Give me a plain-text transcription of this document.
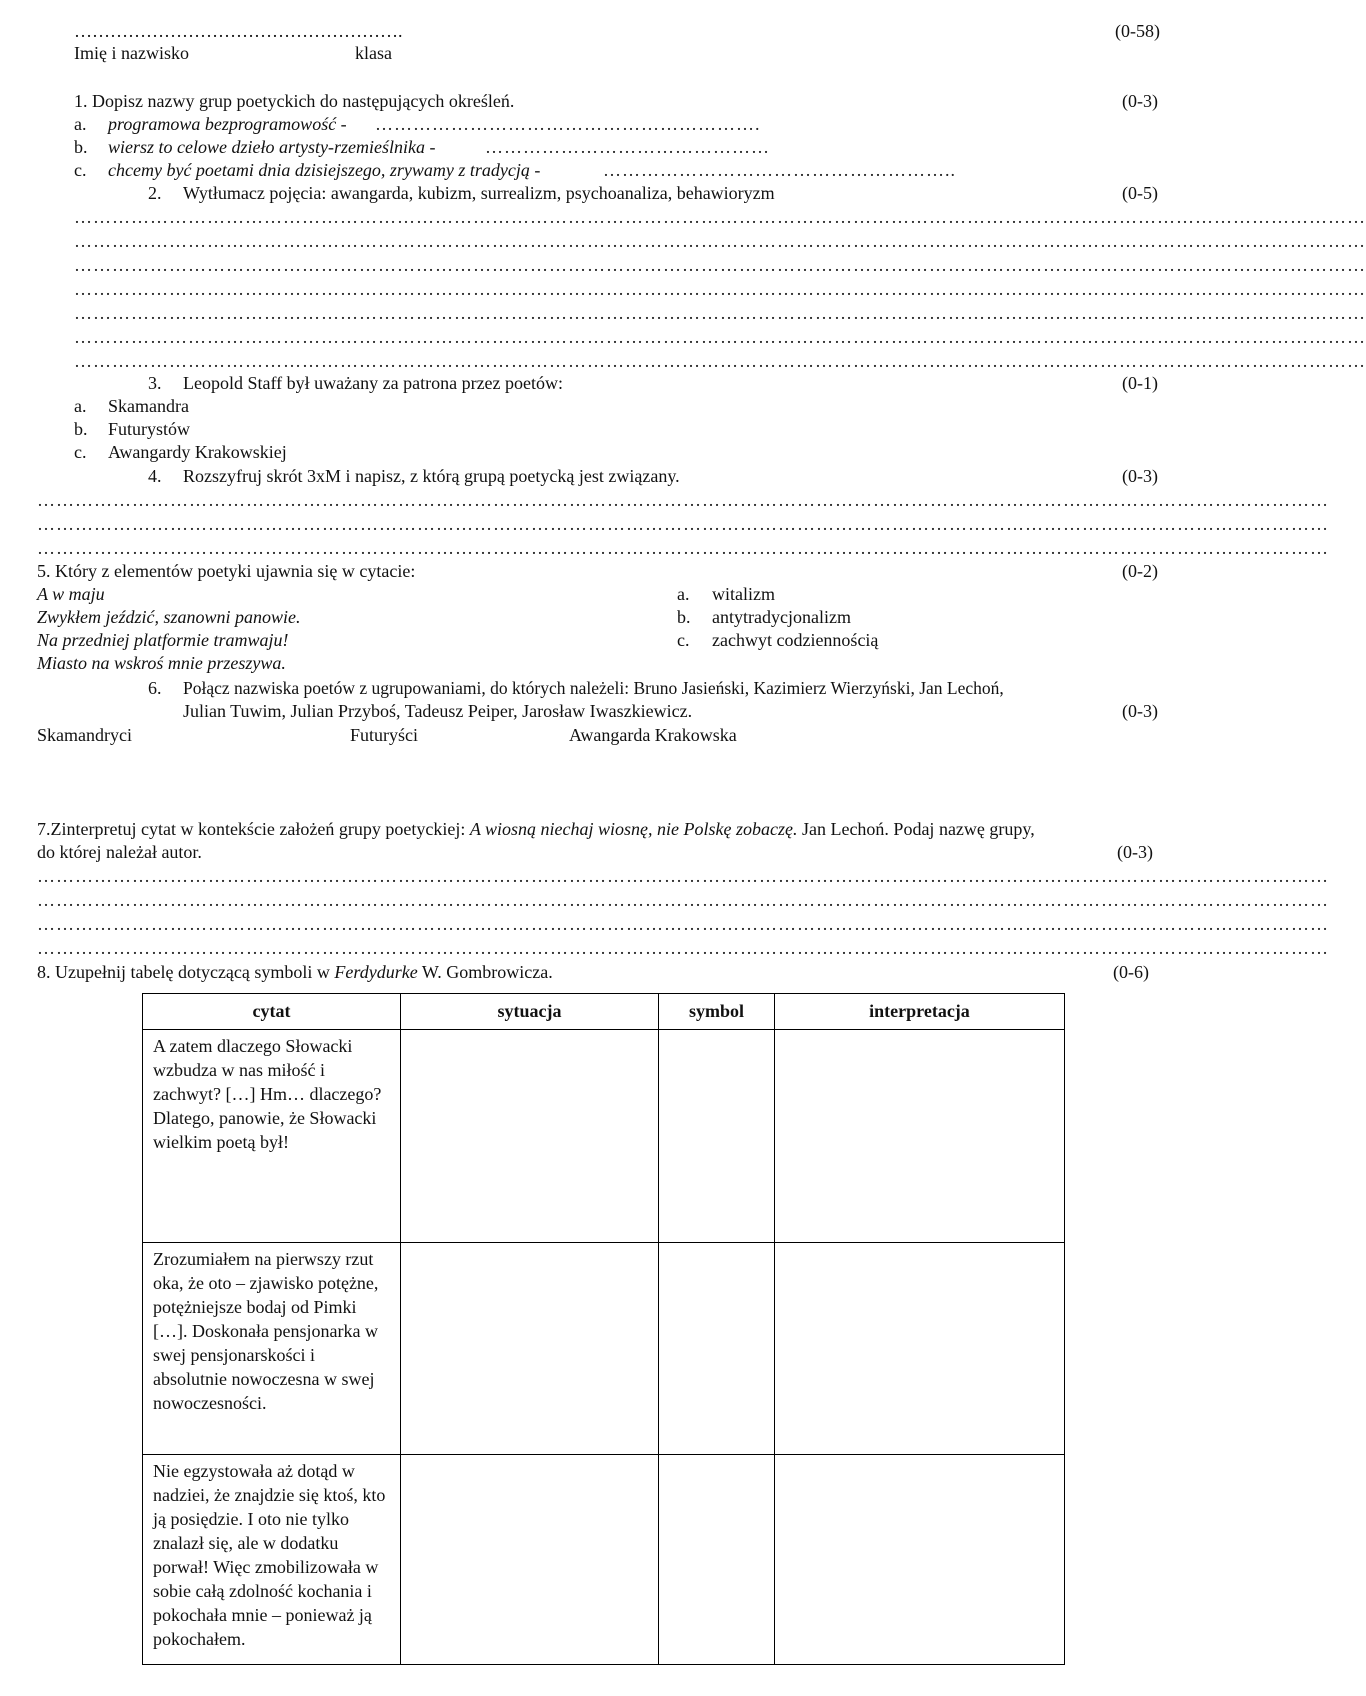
……………………………………………….	(0-58)
Imię i nazwisko	klasa
1. Dopisz nazwy grup poetyckich do następujących określeń.	(0-3)
a. programowa bezprogramowość - …………………………………………………….
b. wiersz to celowe dzieło artysty-rzemieślnika -	………………………………………
c. chcemy być poetami dnia dzisiejszego, zrywamy z tradycją -	………………………………………………..
2. Wytłumacz pojęcia: awangarda, kubizm, surrealizm, psychoanaliza, behawioryzm	(0-5)
……………………………………………………………………………………………………………………………………………………………………………………
……………………………………………………………………………………………………………………………………………………………………………………
……………………………………………………………………………………………………………………………………………………………………………………
……………………………………………………………………………………………………………………………………………………………………………………
……………………………………………………………………………………………………………………………………………………………………………………
……………………………………………………………………………………………………………………………………………………………………………………
……………………………………………………………………………………………………………………………………………………………………………………
3. Leopold Staff był uważany za patrona przez poetów:	(0-1)
a. Skamandra
b. Futurystów
c. Awangardy Krakowskiej
4. Rozszyfruj skrót 3xM i napisz, z którą grupą poetycką jest związany.	(0-3)
……………………………………………………………………………………………………………………………………………………………………………………
……………………………………………………………………………………………………………………………………………………………………………………
……………………………………………………………………………………………………………………………………………………………………………………
5. Który z elementów poetyki ujawnia się w cytacie:	(0-2)
A w maju
Zwykłem jeździć, szanowni panowie.
Na przedniej platformie tramwaju!
Miasto na wskroś mnie przeszywa.
a. witalizm
b. antytradycjonalizm
c. zachwyt codziennością
6. Połącz nazwiska poetów z ugrupowaniami, do których należeli: Bruno Jasieński, Kazimierz Wierzyński, Jan Lechoń,
Julian Tuwim, Julian Przyboś, Tadeusz Peiper, Jarosław Iwaszkiewicz.	(0-3)
Skamandryci	Futuryści	Awangarda Krakowska
7.Zinterpretuj cytat w kontekście założeń grupy poetyckiej: A wiosną niechaj wiosnę, nie Polskę zobaczę. Jan Lechoń. Podaj nazwę grupy,
do której należał autor.	(0-3)
……………………………………………………………………………………………………………………………………………………………………………………
……………………………………………………………………………………………………………………………………………………………………………………
……………………………………………………………………………………………………………………………………………………………………………………
……………………………………………………………………………………………………………………………………………………………………………………
8. Uzupełnij tabelę dotyczącą symboli w Ferdydurke W. Gombrowicza.	(0-6)
cytat	sytuacja	symbol	interpretacja
A zatem dlaczego Słowacki wzbudza w nas miłość i zachwyt? […] Hm… dlaczego? Dlatego, panowie, że Słowacki wielkim poetą był!			
Zrozumiałem na pierwszy rzut oka, że oto – zjawisko potężne, potężniejsze bodaj od Pimki […]. Doskonała pensjonarka w swej pensjonarskości i absolutnie nowoczesna w swej nowoczesności.			
Nie egzystowała aż dotąd w nadziei, że znajdzie się ktoś, kto ją posiędzie. I oto nie tylko znalazł się, ale w dodatku porwał! Więc zmobilizowała w sobie całą zdolność kochania i pokochała mnie – ponieważ ją pokochałem.			
